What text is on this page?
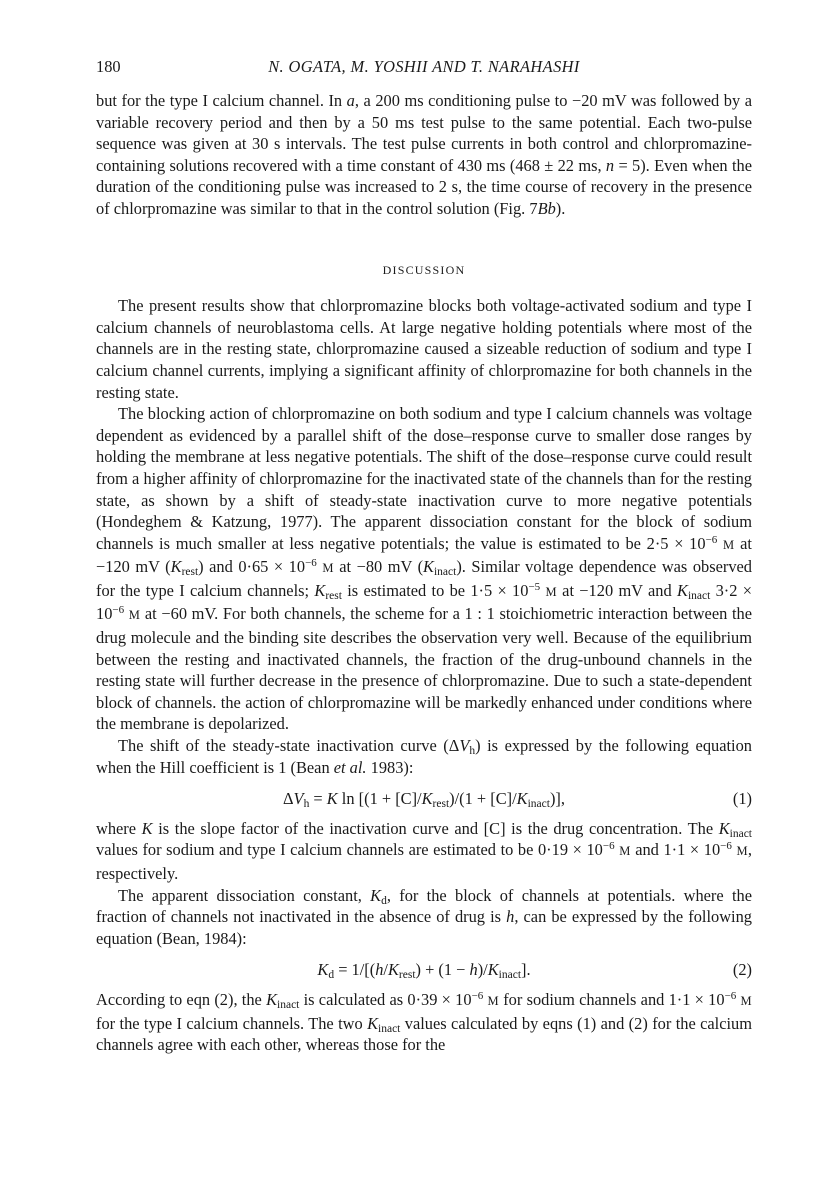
180	N. OGATA, M. YOSHII AND T. NARAHASHI

but for the type I calcium channel. In a, a 200 ms conditioning pulse to −20 mV was followed by a variable recovery period and then by a 50 ms test pulse to the same potential. Each two-pulse sequence was given at 30 s intervals. The test pulse currents in both control and chlorpromazine-containing solutions recovered with a time constant of 430 ms (468 ± 22 ms, n = 5). Even when the duration of the conditioning pulse was increased to 2 s, the time course of recovery in the presence of chlorpromazine was similar to that in the control solution (Fig. 7Bb).

DISCUSSION

The present results show that chlorpromazine blocks both voltage-activated sodium and type I calcium channels of neuroblastoma cells. At large negative holding potentials where most of the channels are in the resting state, chlorpromazine caused a sizeable reduction of sodium and type I calcium channel currents, implying a significant affinity of chlorpromazine for both channels in the resting state.

The blocking action of chlorpromazine on both sodium and type I calcium channels was voltage dependent as evidenced by a parallel shift of the dose–response curve to smaller dose ranges by holding the membrane at less negative potentials. The shift of the dose–response curve could result from a higher affinity of chlorpromazine for the inactivated state of the channels than for the resting state, as shown by a shift of steady-state inactivation curve to more negative potentials (Hondeghem & Katzung, 1977). The apparent dissociation constant for the block of sodium channels is much smaller at less negative potentials; the value is estimated to be $2\cdot 5 \times 10^{-6}$ M at −120 mV $(K_{rest})$ and $0\cdot 65 \times 10^{-6}$ M at −80 mV $(K_{inact})$. Similar voltage dependence was observed for the type I calcium channels; $K_{rest}$ is estimated to be $1\cdot 5 \times 10^{-5}$ M at −120 mV and $K_{inact}$ $3\cdot 2 \times 10^{-6}$ M at −60 mV. For both channels, the scheme for a 1 : 1 stoichiometric interaction between the drug molecule and the binding site describes the observation very well. Because of the equilibrium between the resting and inactivated channels, the fraction of the drug-unbound channels in the resting state will further decrease in the presence of chlorpromazine. Due to such a state-dependent block of channels. the action of chlorpromazine will be markedly enhanced under conditions where the membrane is depolarized.

The shift of the steady-state inactivation curve $(\Delta V_h)$ is expressed by the following equation when the Hill coefficient is 1 (Bean et al. 1983):

$\Delta V_h = K$ $\ln [(1 + [C]/K_{rest})/(1 + [C]/K_{inact})]$,	(1)

where K is the slope factor of the inactivation curve and [C] is the drug concentration. The $K_{inact}$ values for sodium and type I calcium channels are estimated to be $0\cdot 19 \times 10^{-6}$ M and $1\cdot 1 \times 10^{-6}$ M, respectively.

The apparent dissociation constant, $K_d$, for the block of channels at potentials. where the fraction of channels not inactivated in the absence of drug is h, can be expressed by the following equation (Bean, 1984):

$K_d = 1/[(h/K_{rest}) + (1 - h)/K_{inact}]$.	(2)

According to eqn (2), the $K_{inact}$ is calculated as $0\cdot 39 \times 10^{-6}$ M for sodium channels and $1\cdot 1 \times 10^{-6}$ M for the type I calcium channels. The two $K_{inact}$ values calculated by eqns (1) and (2) for the calcium channels agree with each other, whereas those for the
